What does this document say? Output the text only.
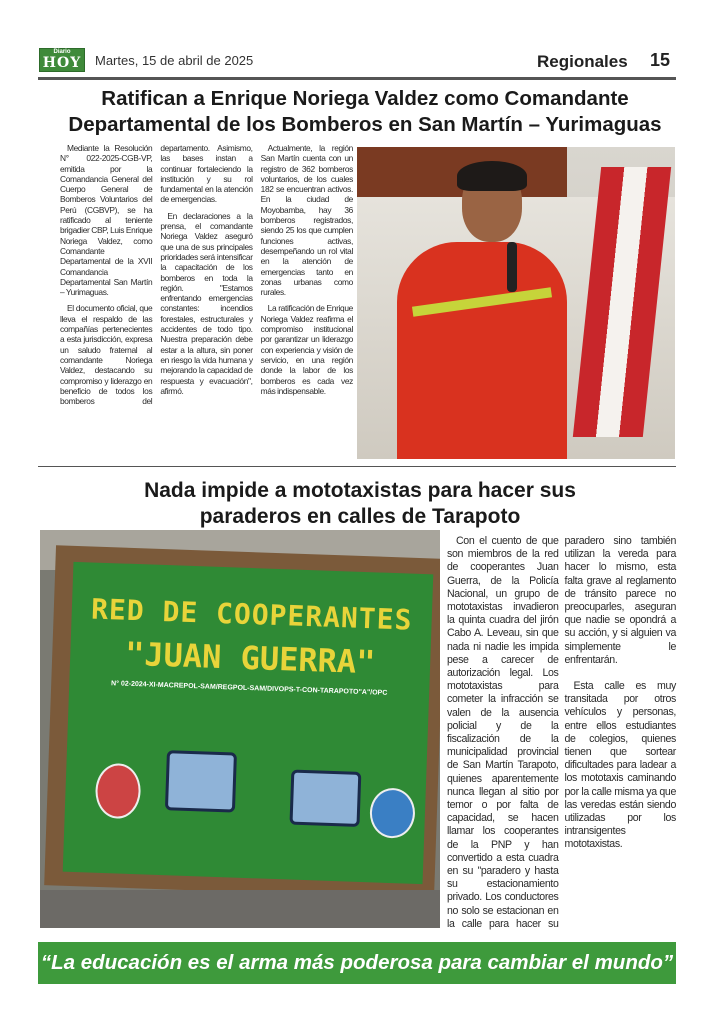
Diario
HOY Martes, 15 de abril de 2025	Regionales 15
Ratifican a Enrique Noriega Valdez como Comandante Departamental de los Bomberos en San Martín – Yurimaguas

Mediante la Resolución N° 022-2025-CGB-VP, emitida por la Comandancia General del Cuerpo General de Bomberos Voluntarios del Perú (CGBVP), se ha ratificado al teniente brigadier CBP, Luis Enrique Noriega Valdez, como Comandante Departamental de la XVII Comandancia Departamental San Martín – Yurimaguas.

El documento oficial, que lleva el respaldo de las compañías pertenecientes a esta jurisdicción, expresa un saludo fraternal al comandante Noriega Valdez, destacando su compromiso y liderazgo en beneficio de todos los bomberos del departamento. Asimismo, las bases instan a continuar fortaleciendo la institución y su rol fundamental en la atención de emergencias.

En declaraciones a la prensa, el comandante Noriega Valdez aseguró que una de sus principales prioridades será intensificar la capacitación de los bomberos en toda la región. "Estamos enfrentando emergencias constantes: incendios forestales, estructurales y accidentes de todo tipo. Nuestra preparación debe estar a la altura, sin poner en riesgo la vida humana y mejorando la capacidad de respuesta y evacuación", afirmó.

Actualmente, la región San Martín cuenta con un registro de 362 bomberos voluntarios, de los cuales 182 se encuentran activos. En la ciudad de Moyobamba, hay 36 bomberos registrados, siendo 25 los que cumplen funciones activas, desempeñando un rol vital en la atención de emergencias tanto en zonas urbanas como rurales.

La ratificación de Enrique Noriega Valdez reafirma el compromiso institucional por garantizar un liderazgo con experiencia y visión de servicio, en una región donde la labor de los bomberos es cada vez más indispensable.

Nada impide a mototaxistas para hacer sus paraderos en calles de Tarapoto
RED DE COOPERANTES
"JUAN GUERRA"
N° 02-2024-XI-MACREPOL-SAM/REGPOL-SAM/DIVOPS-T-CON-TARAPOTO"A"/OPC

Con el cuento de que son miembros de la red de cooperantes Juan Guerra, de la Policía Nacional, un grupo de mototaxistas invadieron la quinta cuadra del jirón Cabo A. Leveau, sin que nada ni nadie les impida pese a carecer de autorización legal. Los mototaxistas para cometer la infracción se valen de la ausencia policial y de la fiscalización de la municipalidad provincial de San Martín Tarapoto, quienes aparentemente nunca llegan al sitio por temor o por falta de capacidad, se hacen llamar los cooperantes de la PNP y han convertido a esta cuadra en su "paradero y hasta su estacionamiento privado. Los conductores no solo se estacionan en la calle para hacer su paradero sino también utilizan la vereda para hacer lo mismo, esta falta grave al reglamento de tránsito parece no preocuparles, aseguran que nadie se opondrá a su acción, y si alguien va simplemente le enfrentarán.

Esta calle es muy transitada por otros vehículos y personas, entre ellos estudiantes de colegios, quienes tienen que sortear dificultades para ladear a los mototaxis caminando por la calle misma ya que las veredas están siendo utilizadas por los intransigentes mototaxistas.

“La educación es el arma más poderosa para cambiar el mundo”
